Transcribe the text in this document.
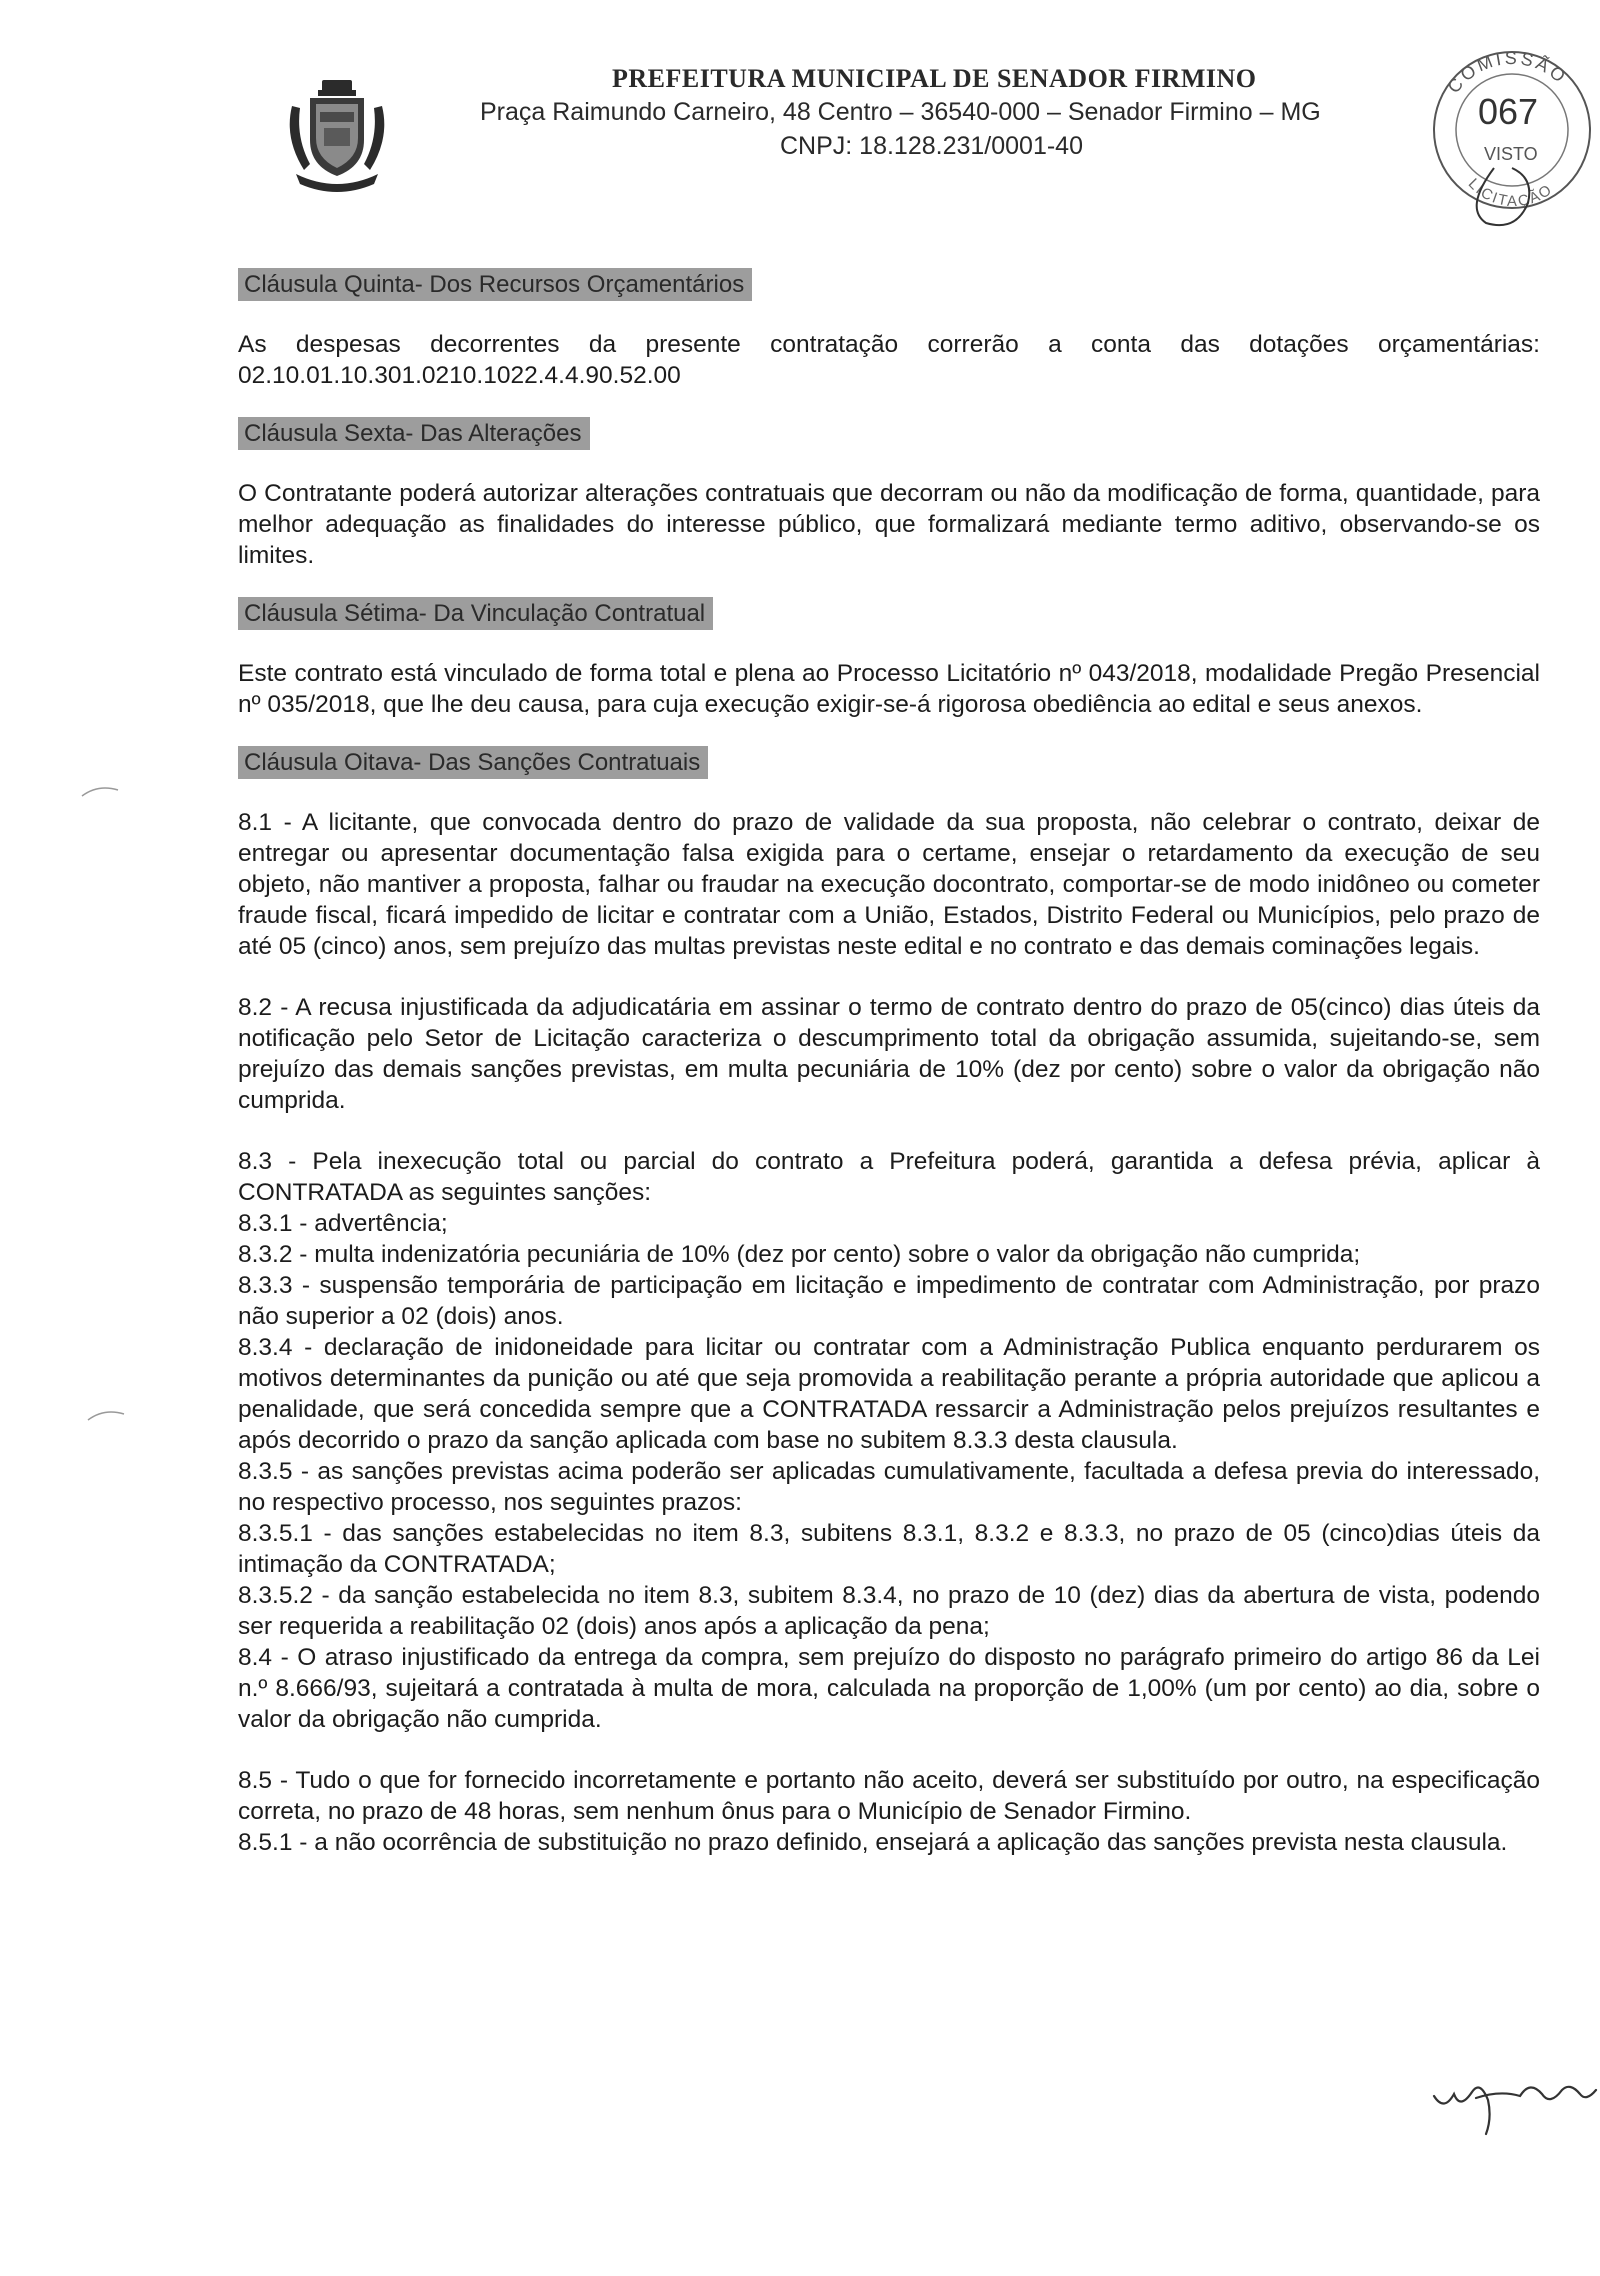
PREFEITURA MUNICIPAL DE SENADOR FIRMINO
Praça Raimundo Carneiro, 48 Centro – 36540-000 – Senador Firmino – MG
CNPJ: 18.128.231/0001-40
COMISSÃO
067
VISTO
LICITAÇÃO
Cláusula Quinta- Dos Recursos Orçamentários

As despesas decorrentes da presente contratação correrão a conta das dotações orçamentárias: 02.10.01.10.301.0210.1022.4.4.90.52.00

Cláusula Sexta- Das Alterações

O Contratante poderá autorizar alterações contratuais que decorram ou não da modificação de forma, quantidade, para melhor adequação as finalidades do interesse público, que formalizará mediante termo aditivo, observando-se os limites.

Cláusula Sétima- Da Vinculação Contratual

Este contrato está vinculado de forma total e plena ao Processo Licitatório nº 043/2018, modalidade Pregão Presencial nº 035/2018, que lhe deu causa, para cuja execução exigir-se-á rigorosa obediência ao edital e seus anexos.

Cláusula Oitava- Das Sanções Contratuais

8.1 - A licitante, que convocada dentro do prazo de validade da sua proposta, não celebrar o contrato, deixar de entregar ou apresentar documentação falsa exigida para o certame, ensejar o retardamento da execução de seu objeto, não mantiver a proposta, falhar ou fraudar na execução docontrato, comportar-se de modo inidôneo ou cometer fraude fiscal, ficará impedido de licitar e contratar com a União, Estados, Distrito Federal ou Municípios, pelo prazo de até 05 (cinco) anos, sem prejuízo das multas previstas neste edital e no contrato e das demais cominações legais.

8.2 - A recusa injustificada da adjudicatária em assinar o termo de contrato dentro do prazo de 05(cinco) dias úteis da notificação pelo Setor de Licitação caracteriza o descumprimento total da obrigação assumida, sujeitando-se, sem prejuízo das demais sanções previstas, em multa pecuniária de 10% (dez por cento) sobre o valor da obrigação não cumprida.

8.3 - Pela inexecução total ou parcial do contrato a Prefeitura poderá, garantida a defesa prévia, aplicar à CONTRATADA as seguintes sanções:

8.3.1 - advertência;

8.3.2 - multa indenizatória pecuniária de 10% (dez por cento) sobre o valor da obrigação não cumprida;

8.3.3 - suspensão temporária de participação em licitação e impedimento de contratar com Administração, por prazo não superior a 02 (dois) anos.

8.3.4 - declaração de inidoneidade para licitar ou contratar com a Administração Publica enquanto perdurarem os motivos determinantes da punição ou até que seja promovida a reabilitação perante a própria autoridade que aplicou a penalidade, que será concedida sempre que a CONTRATADA ressarcir a Administração pelos prejuízos resultantes e após decorrido o prazo da sanção aplicada com base no subitem 8.3.3 desta clausula.

8.3.5 - as sanções previstas acima poderão ser aplicadas cumulativamente, facultada a defesa previa do interessado, no respectivo processo, nos seguintes prazos:

8.3.5.1 - das sanções estabelecidas no item 8.3, subitens 8.3.1, 8.3.2 e 8.3.3, no prazo de 05 (cinco)dias úteis da intimação da CONTRATADA;

8.3.5.2 - da sanção estabelecida no item 8.3, subitem 8.3.4, no prazo de 10 (dez) dias da abertura de vista, podendo ser requerida a reabilitação 02 (dois) anos após a aplicação da pena;

8.4 - O atraso injustificado da entrega da compra, sem prejuízo do disposto no parágrafo primeiro do artigo 86 da Lei n.º 8.666/93, sujeitará a contratada à multa de mora, calculada na proporção de 1,00% (um por cento) ao dia, sobre o valor da obrigação não cumprida.

8.5 - Tudo o que for fornecido incorretamente e portanto não aceito, deverá ser substituído por outro, na especificação correta, no prazo de 48 horas, sem nenhum ônus para o Município de Senador Firmino.

8.5.1 - a não ocorrência de substituição no prazo definido, ensejará a aplicação das sanções prevista nesta clausula.
